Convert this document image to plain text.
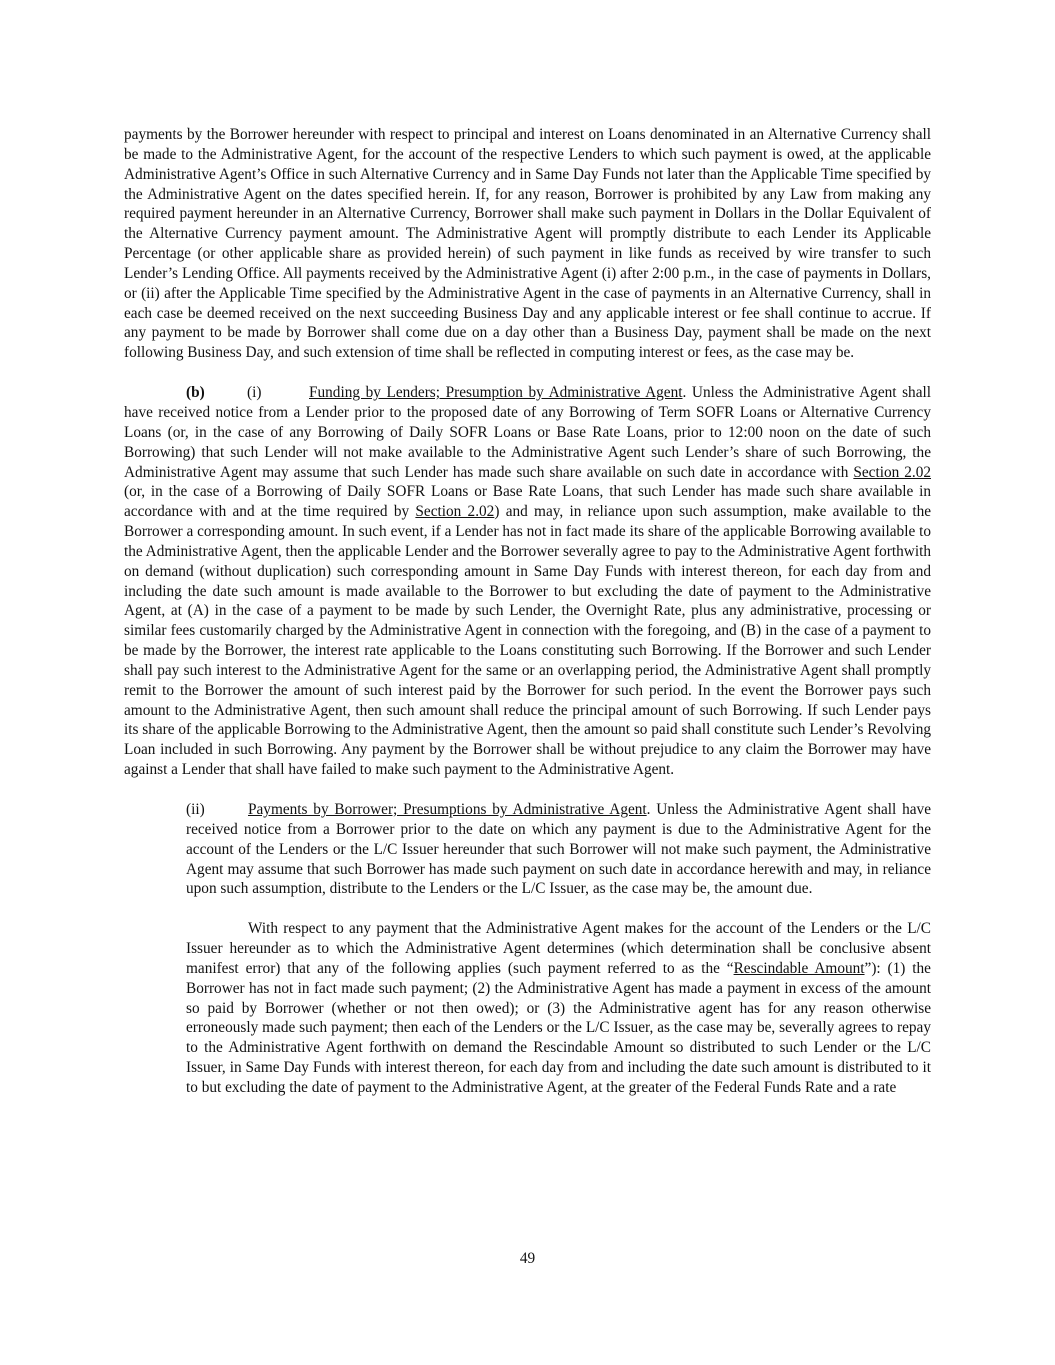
payments by the Borrower hereunder with respect to principal and interest on Loans denominated in an Alternative Currency shall be made to the Administrative Agent, for the account of the respective Lenders to which such payment is owed, at the applicable Administrative Agent’s Office in such Alternative Currency and in Same Day Funds not later than the Applicable Time specified by the Administrative Agent on the dates specified herein. If, for any reason, Borrower is prohibited by any Law from making any required payment hereunder in an Alternative Currency, Borrower shall make such payment in Dollars in the Dollar Equivalent of the Alternative Currency payment amount. The Administrative Agent will promptly distribute to each Lender its Applicable Percentage (or other applicable share as provided herein) of such payment in like funds as received by wire transfer to such Lender’s Lending Office. All payments received by the Administrative Agent (i) after 2:00 p.m., in the case of payments in Dollars, or (ii) after the Applicable Time specified by the Administrative Agent in the case of payments in an Alternative Currency, shall in each case be deemed received on the next succeeding Business Day and any applicable interest or fee shall continue to accrue. If any payment to be made by Borrower shall come due on a day other than a Business Day, payment shall be made on the next following Business Day, and such extension of time shall be reflected in computing interest or fees, as the case may be.

(b)	(i)	Funding by Lenders; Presumption by Administrative Agent. Unless the Administrative Agent shall have received notice from a Lender prior to the proposed date of any Borrowing of Term SOFR Loans or Alternative Currency Loans (or, in the case of any Borrowing of Daily SOFR Loans or Base Rate Loans, prior to 12:00 noon on the date of such Borrowing) that such Lender will not make available to the Administrative Agent such Lender’s share of such Borrowing, the Administrative Agent may assume that such Lender has made such share available on such date in accordance with Section 2.02 (or, in the case of a Borrowing of Daily SOFR Loans or Base Rate Loans, that such Lender has made such share available in accordance with and at the time required by Section 2.02) and may, in reliance upon such assumption, make available to the Borrower a corresponding amount. In such event, if a Lender has not in fact made its share of the applicable Borrowing available to the Administrative Agent, then the applicable Lender and the Borrower severally agree to pay to the Administrative Agent forthwith on demand (without duplication) such corresponding amount in Same Day Funds with interest thereon, for each day from and including the date such amount is made available to the Borrower to but excluding the date of payment to the Administrative Agent, at (A) in the case of a payment to be made by such Lender, the Overnight Rate, plus any administrative, processing or similar fees customarily charged by the Administrative Agent in connection with the foregoing, and (B) in the case of a payment to be made by the Borrower, the interest rate applicable to the Loans constituting such Borrowing. If the Borrower and such Lender shall pay such interest to the Administrative Agent for the same or an overlapping period, the Administrative Agent shall promptly remit to the Borrower the amount of such interest paid by the Borrower for such period. In the event the Borrower pays such amount to the Administrative Agent, then such amount shall reduce the principal amount of such Borrowing. If such Lender pays its share of the applicable Borrowing to the Administrative Agent, then the amount so paid shall constitute such Lender’s Revolving Loan included in such Borrowing. Any payment by the Borrower shall be without prejudice to any claim the Borrower may have against a Lender that shall have failed to make such payment to the Administrative Agent.

(ii)	Payments by Borrower; Presumptions by Administrative Agent. Unless the Administrative Agent shall have received notice from a Borrower prior to the date on which any payment is due to the Administrative Agent for the account of the Lenders or the L/C Issuer hereunder that such Borrower will not make such payment, the Administrative Agent may assume that such Borrower has made such payment on such date in accordance herewith and may, in reliance upon such assumption, distribute to the Lenders or the L/C Issuer, as the case may be, the amount due.

With respect to any payment that the Administrative Agent makes for the account of the Lenders or the L/C Issuer hereunder as to which the Administrative Agent determines (which determination shall be conclusive absent manifest error) that any of the following applies (such payment referred to as the “Rescindable Amount”): (1) the Borrower has not in fact made such payment; (2) the Administrative Agent has made a payment in excess of the amount so paid by Borrower (whether or not then owed); or (3) the Administrative agent has for any reason otherwise erroneously made such payment; then each of the Lenders or the L/C Issuer, as the case may be, severally agrees to repay to the Administrative Agent forthwith on demand the Rescindable Amount so distributed to such Lender or the L/C Issuer, in Same Day Funds with interest thereon, for each day from and including the date such amount is distributed to it to but excluding the date of payment to the Administrative Agent, at the greater of the Federal Funds Rate and a rate

49
